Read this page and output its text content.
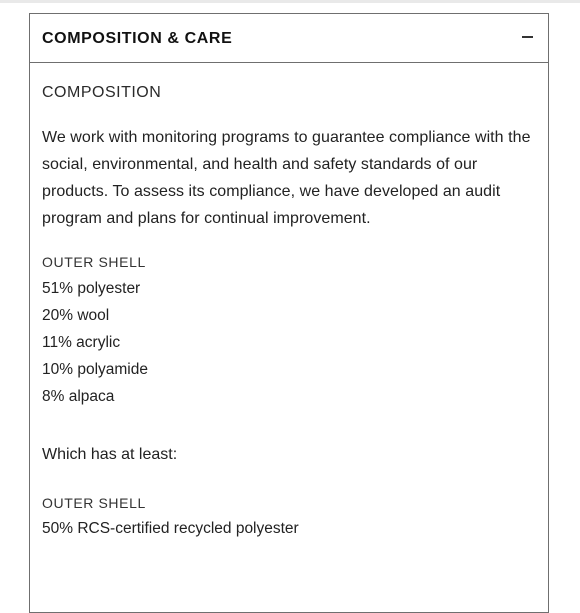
COMPOSITION & CARE

COMPOSITION

We work with monitoring programs to guarantee compliance with the social, environmental, and health and safety standards of our products. To assess its compliance, we have developed an audit program and plans for continual improvement.

OUTER SHELL
51% polyester
20% wool
11% acrylic
10% polyamide
8% alpaca

Which has at least:

OUTER SHELL
50% RCS-certified recycled polyester
